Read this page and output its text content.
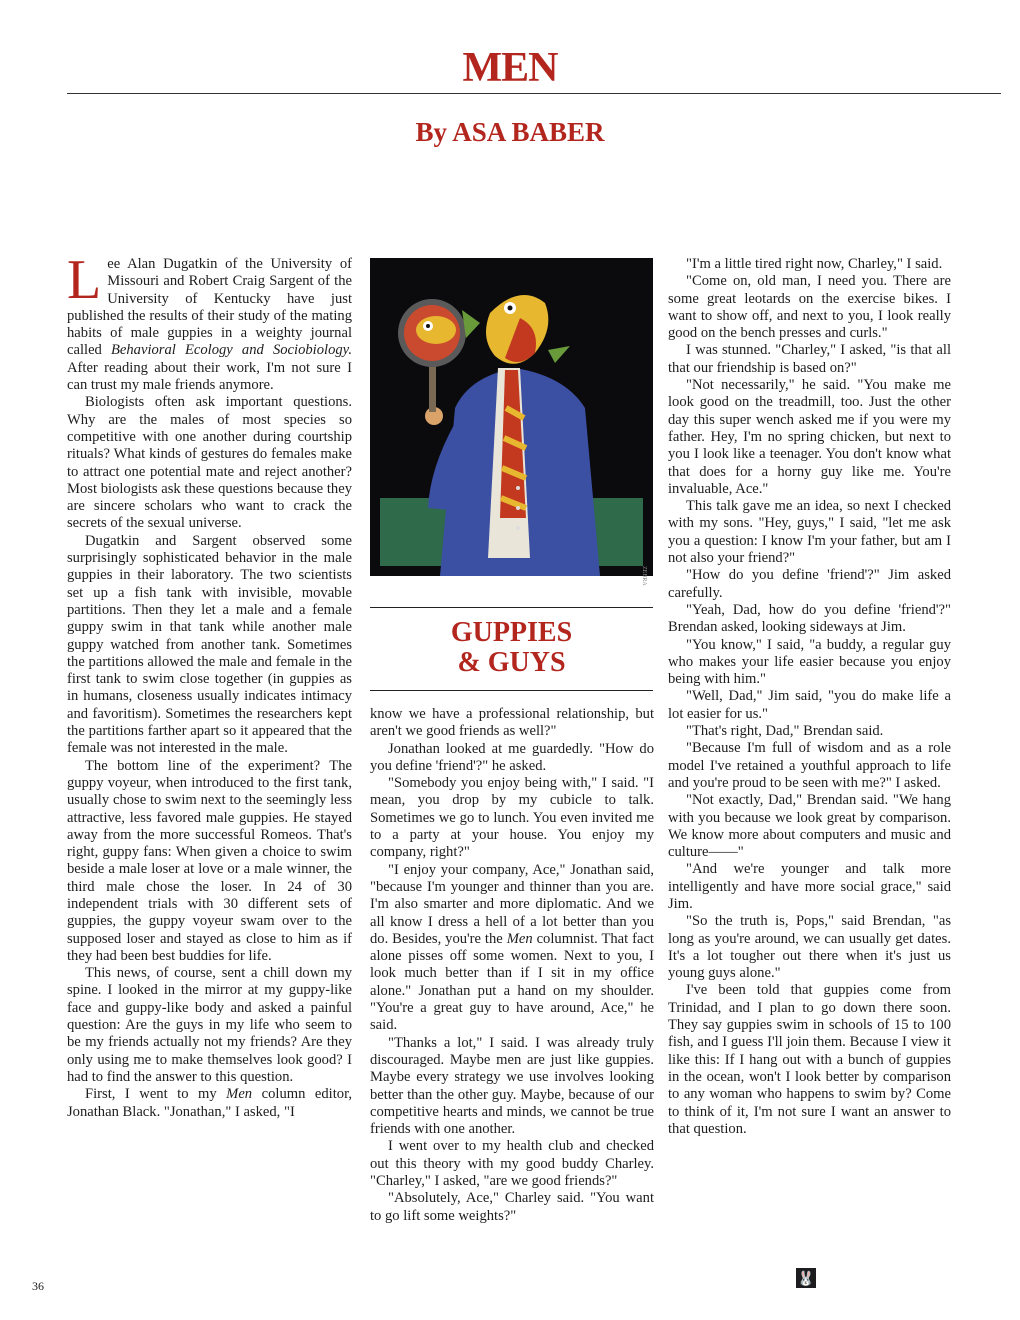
MEN
By ASA BABER

Lee Alan Dugatkin of the University of Missouri and Robert Craig Sargent of the University of Kentucky have just published the results of their study of the mating habits of male guppies in a weighty journal called Behavioral Ecology and Sociobiology. After reading about their work, I'm not sure I can trust my male friends anymore.

Biologists often ask important questions. Why are the males of most species so competitive with one another during courtship rituals? What kinds of gestures do females make to attract one potential mate and reject another? Most biologists ask these questions because they are sincere scholars who want to crack the secrets of the sexual universe.

Dugatkin and Sargent observed some surprisingly sophisticated behavior in the male guppies in their laboratory. The two scientists set up a fish tank with invisible, movable partitions. Then they let a male and a female guppy swim in that tank while another male guppy watched from another tank. Sometimes the partitions allowed the male and female in the first tank to swim close together (in guppies as in humans, closeness usually indicates intimacy and favoritism). Sometimes the researchers kept the partitions farther apart so it appeared that the female was not interested in the male.

The bottom line of the experiment? The guppy voyeur, when introduced to the first tank, usually chose to swim next to the seemingly less attractive, less favored male guppies. He stayed away from the more successful Romeos. That's right, guppy fans: When given a choice to swim beside a male loser at love or a male winner, the third male chose the loser. In 24 of 30 independent trials with 30 different sets of guppies, the guppy voyeur swam over to the supposed loser and stayed as close to him as if they had been best buddies for life.

This news, of course, sent a chill down my spine. I looked in the mirror at my guppy-like face and guppy-like body and asked a painful question: Are the guys in my life who seem to be my friends actually not my friends? Are they only using me to make themselves look good? I had to find the answer to this question.

First, I went to my Men column editor, Jonathan Black. "Jonathan," I asked, "I

ZEBRA
GUPPIES
& GUYS

know we have a professional relationship, but aren't we good friends as well?"

Jonathan looked at me guardedly. "How do you define 'friend'?" he asked.

"Somebody you enjoy being with," I said. "I mean, you drop by my cubicle to talk. Sometimes we go to lunch. You even invited me to a party at your house. You enjoy my company, right?"

"I enjoy your company, Ace," Jonathan said, "because I'm younger and thinner than you are. I'm also smarter and more diplomatic. And we all know I dress a hell of a lot better than you do. Besides, you're the Men columnist. That fact alone pisses off some women. Next to you, I look much better than if I sit in my office alone." Jonathan put a hand on my shoulder. "You're a great guy to have around, Ace," he said.

"Thanks a lot," I said. I was already truly discouraged. Maybe men are just like guppies. Maybe every strategy we use involves looking better than the other guy. Maybe, because of our competitive hearts and minds, we cannot be true friends with one another.

I went over to my health club and checked out this theory with my good buddy Charley. "Charley," I asked, "are we good friends?"

"Absolutely, Ace," Charley said. "You want to go lift some weights?"

"I'm a little tired right now, Charley," I said.

"Come on, old man, I need you. There are some great leotards on the exercise bikes. I want to show off, and next to you, I look really good on the bench presses and curls."

I was stunned. "Charley," I asked, "is that all that our friendship is based on?"

"Not necessarily," he said. "You make me look good on the treadmill, too. Just the other day this super wench asked me if you were my father. Hey, I'm no spring chicken, but next to you I look like a teenager. You don't know what that does for a horny guy like me. You're invaluable, Ace."

This talk gave me an idea, so next I checked with my sons. "Hey, guys," I said, "let me ask you a question: I know I'm your father, but am I not also your friend?"

"How do you define 'friend'?" Jim asked carefully.

"Yeah, Dad, how do you define 'friend'?" Brendan asked, looking sideways at Jim.

"You know," I said, "a buddy, a regular guy who makes your life easier because you enjoy being with him."

"Well, Dad," Jim said, "you do make life a lot easier for us."

"That's right, Dad," Brendan said.

"Because I'm full of wisdom and as a role model I've retained a youthful approach to life and you're proud to be seen with me?" I asked.

"Not exactly, Dad," Brendan said. "We hang with you because we look great by comparison. We know more about computers and music and culture——"

"And we're younger and talk more intelligently and have more social grace," said Jim.

"So the truth is, Pops," said Brendan, "as long as you're around, we can usually get dates. It's a lot tougher out there when it's just us young guys alone."

I've been told that guppies come from Trinidad, and I plan to go down there soon. They say guppies swim in schools of 15 to 100 fish, and I guess I'll join them. Because I view it like this: If I hang out with a bunch of guppies in the ocean, won't I look better by comparison to any woman who happens to swim by? Come to think of it, I'm not sure I want an answer to that question.

🐰
36
